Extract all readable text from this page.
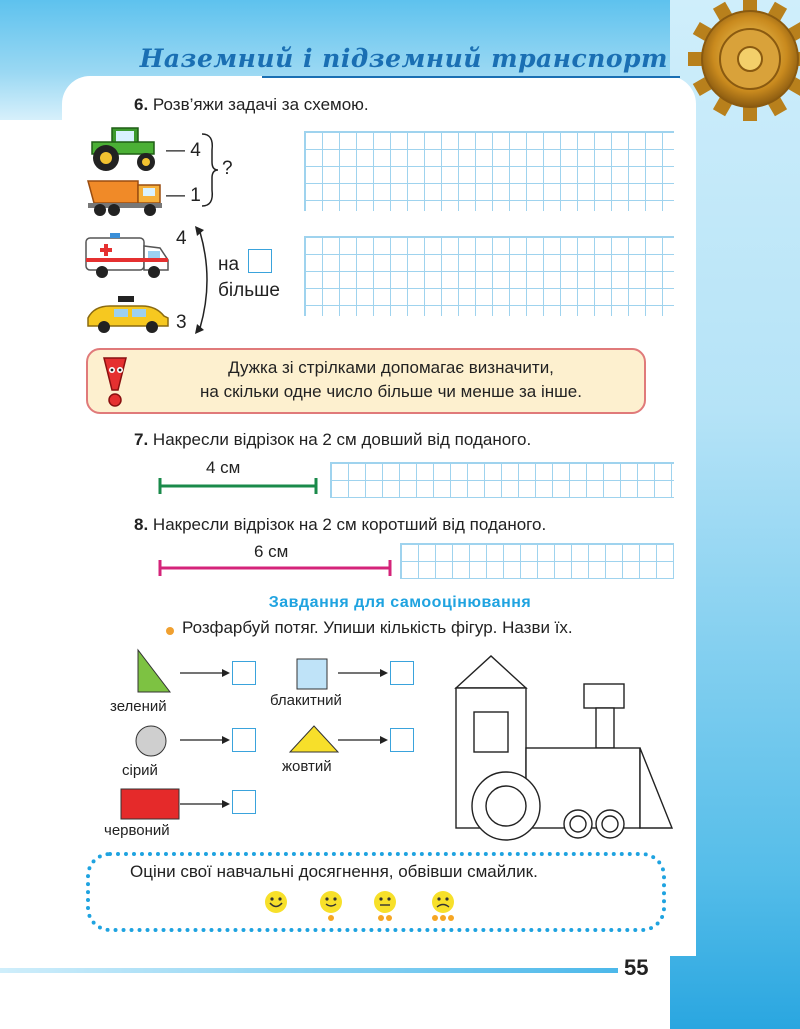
Наземний і підземний транспорт
6. Розв’яжи задачі за схемою.
— 4
— 1
?
4
на
більше
3
Дужка зі стрілками допомагає визначити,
на скільки одне число більше чи менше за інше.
7. Накресли відрізок на 2 см довший від поданого.
4 см
8. Накресли відрізок на 2 см коротший від поданого.
6 см
Завдання для самооцінювання
Розфарбуй потяг. Упиши кількість фігур. Назви їх.
зелений	блакитний
сірий	жовтий
червоний
Оціни свої навчальні досягнення, обвівши смайлик.
55
